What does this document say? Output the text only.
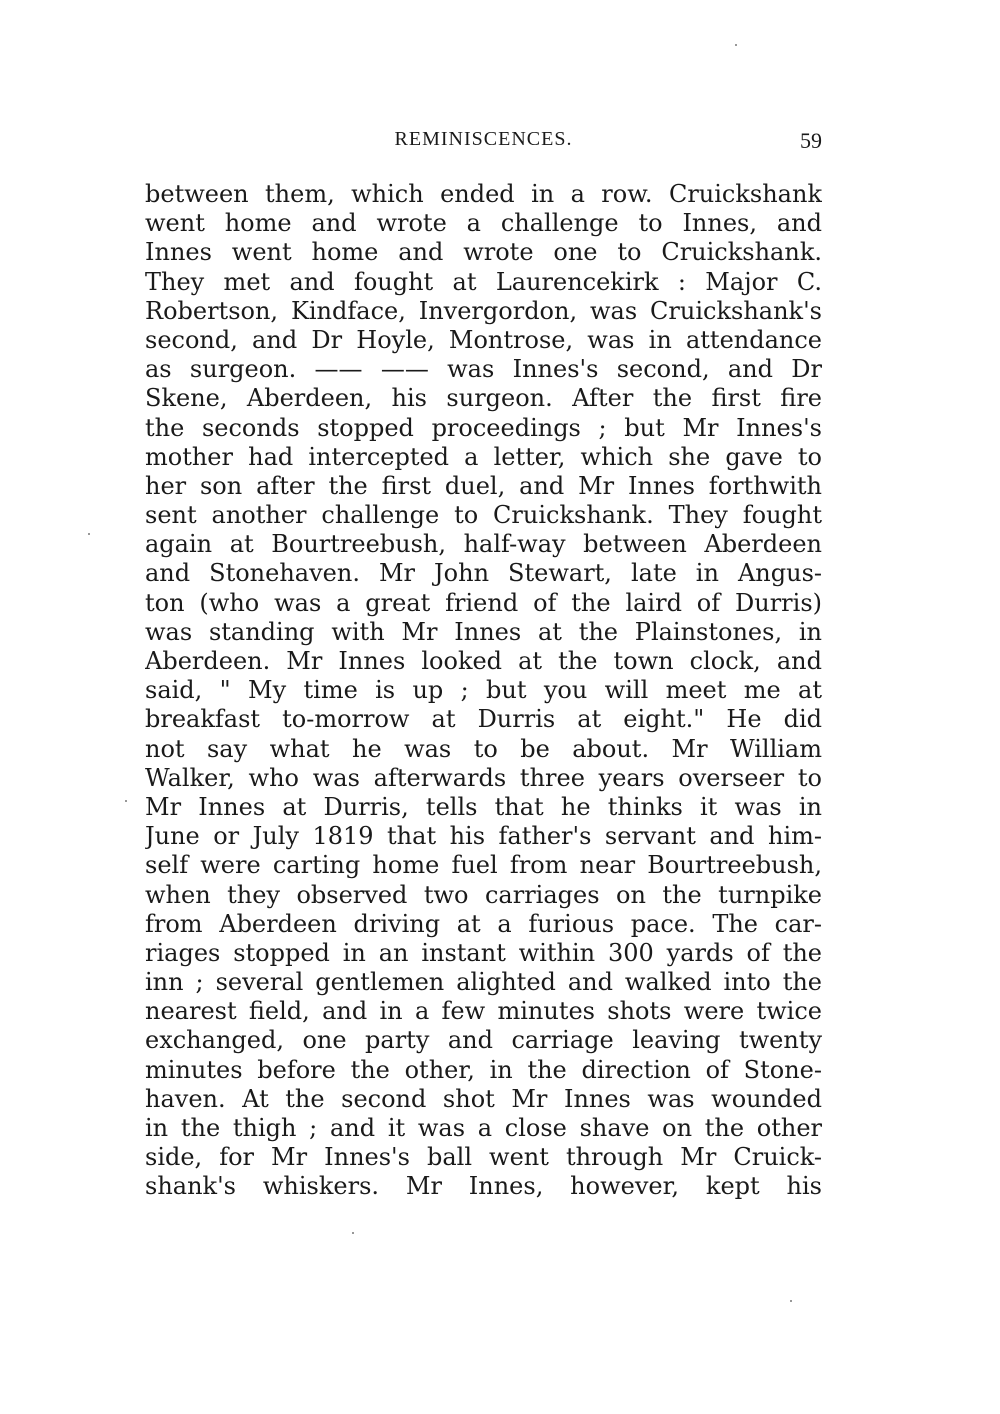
REMINISCENCES.	59
between them, which ended in a row. Cruickshank
went home and wrote a challenge to Innes, and
Innes went home and wrote one to Cruickshank.
They met and fought at Laurencekirk : Major C.
Robertson, Kindface, Invergordon, was Cruickshank's
second, and Dr Hoyle, Montrose, was in attendance
as surgeon. —— —— was Innes's second, and Dr
Skene, Aberdeen, his surgeon. After the first fire
the seconds stopped proceedings ; but Mr Innes's
mother had intercepted a letter, which she gave to
her son after the first duel, and Mr Innes forthwith
sent another challenge to Cruickshank. They fought
again at Bourtreebush, half-way between Aberdeen
and Stonehaven. Mr John Stewart, late in Angus-
ton (who was a great friend of the laird of Durris)
was standing with Mr Innes at the Plainstones, in
Aberdeen. Mr Innes looked at the town clock, and
said, " My time is up ; but you will meet me at
breakfast to-morrow at Durris at eight." He did
not say what he was to be about. Mr William
Walker, who was afterwards three years overseer to
Mr Innes at Durris, tells that he thinks it was in
June or July 1819 that his father's servant and him-
self were carting home fuel from near Bourtreebush,
when they observed two carriages on the turnpike
from Aberdeen driving at a furious pace. The car-
riages stopped in an instant within 300 yards of the
inn ; several gentlemen alighted and walked into the
nearest field, and in a few minutes shots were twice
exchanged, one party and carriage leaving twenty
minutes before the other, in the direction of Stone-
haven. At the second shot Mr Innes was wounded
in the thigh ; and it was a close shave on the other
side, for Mr Innes's ball went through Mr Cruick-
shank's whiskers. Mr Innes, however, kept his
